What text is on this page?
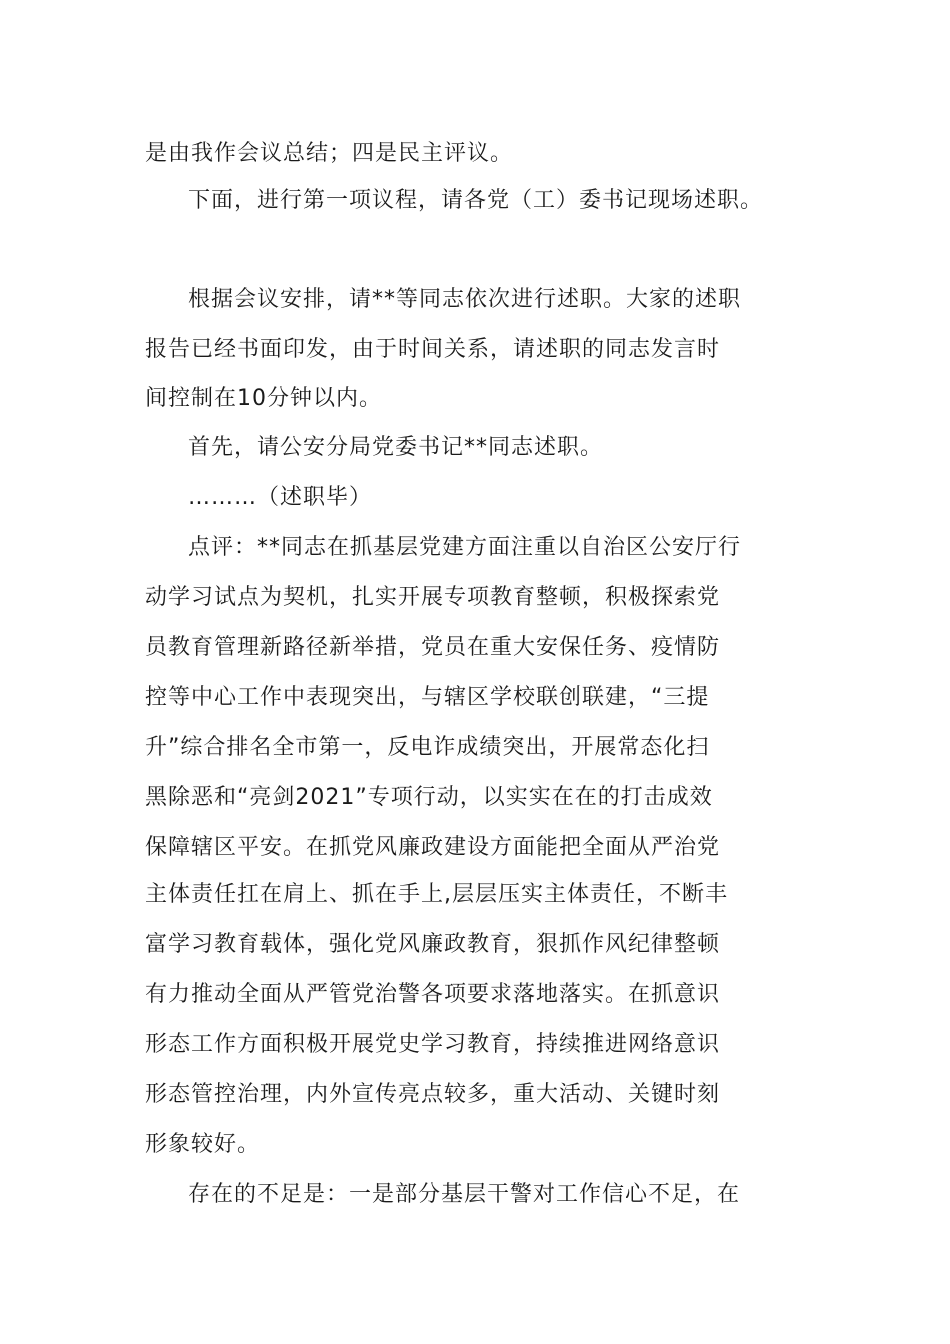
是由我作会议总结；四是民主评议。
下面，进行第一项议程，请各党（工）委书记现场述职。
根据会议安排，请**等同志依次进行述职。大家的述职
报告已经书面印发，由于时间关系，请述职的同志发言时
间控制在10分钟以内。
首先，请公安分局党委书记**同志述职。
………（述职毕）
点评：**同志在抓基层党建方面注重以自治区公安厅行
动学习试点为契机，扎实开展专项教育整顿，积极探索党
员教育管理新路径新举措，党员在重大安保任务、疫情防
控等中心工作中表现突出，与辖区学校联创联建，“三提
升”综合排名全市第一，反电诈成绩突出，开展常态化扫
黑除恶和“亮剑2021”专项行动，以实实在在的打击成效
保障辖区平安。在抓党风廉政建设方面能把全面从严治党
主体责任扛在肩上、抓在手上,层层压实主体责任，不断丰
富学习教育载体，强化党风廉政教育，狠抓作风纪律整顿
有力推动全面从严管党治警各项要求落地落实。在抓意识
形态工作方面积极开展党史学习教育，持续推进网络意识
形态管控治理，内外宣传亮点较多，重大活动、关键时刻
形象较好。
存在的不足是：一是部分基层干警对工作信心不足，在
